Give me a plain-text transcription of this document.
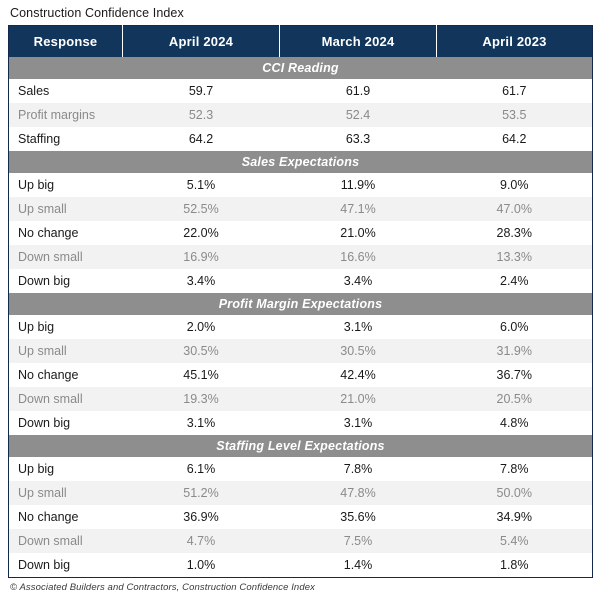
Construction Confidence Index
Response	April 2024	March 2024	April 2023
CCI Reading			
Sales	59.7	61.9	61.7
Profit margins	52.3	52.4	53.5
Staffing	64.2	63.3	64.2
Sales Expectations			
Up big	5.1%	11.9%	9.0%
Up small	52.5%	47.1%	47.0%
No change	22.0%	21.0%	28.3%
Down small	16.9%	16.6%	13.3%
Down big	3.4%	3.4%	2.4%
Profit Margin Expectations			
Up big	2.0%	3.1%	6.0%
Up small	30.5%	30.5%	31.9%
No change	45.1%	42.4%	36.7%
Down small	19.3%	21.0%	20.5%
Down big	3.1%	3.1%	4.8%
Staffing Level Expectations			
Up big	6.1%	7.8%	7.8%
Up small	51.2%	47.8%	50.0%
No change	36.9%	35.6%	34.9%
Down small	4.7%	7.5%	5.4%
Down big	1.0%	1.4%	1.8%
© Associated Builders and Contractors, Construction Confidence Index
